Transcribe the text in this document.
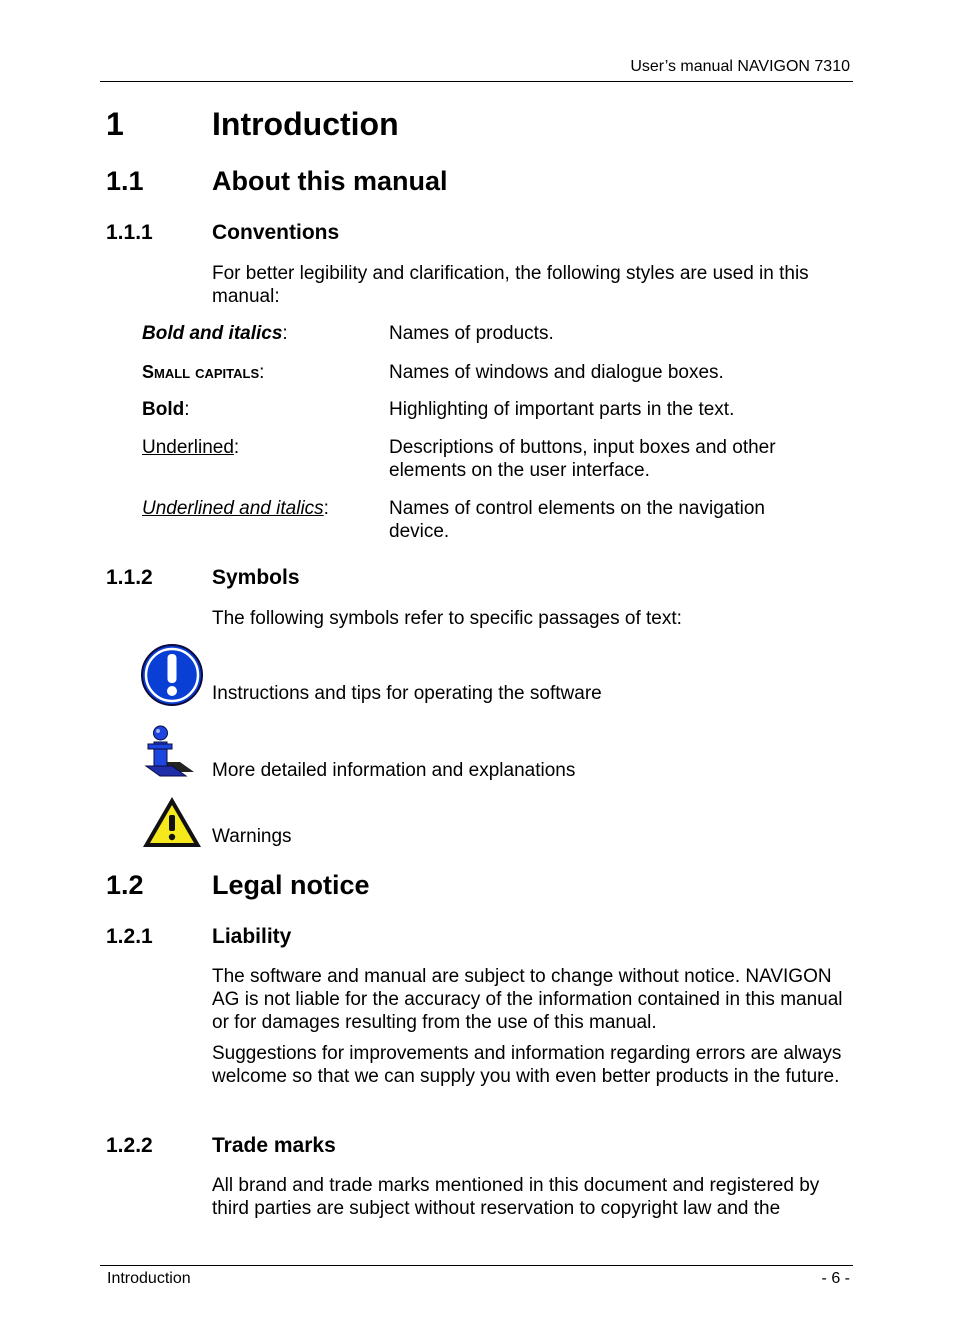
User’s manual NAVIGON 7310
1	Introduction
1.1	About this manual
1.1.1	Conventions
For better legibility and clarification, the following styles are used in this manual:
Bold and italics:	Names of products.
Small capitals:	Names of windows and dialogue boxes.
Bold:	Highlighting of important parts in the text.
Underlined:	Descriptions of buttons, input boxes and other elements on the user interface.
Underlined and italics:	Names of control elements on the navigation device.
1.1.2	Symbols
The following symbols refer to specific passages of text:
Instructions and tips for operating the software
More detailed information and explanations
Warnings
1.2	Legal notice
1.2.1	Liability
The software and manual are subject to change without notice. NAVIGON AG is not liable for the accuracy of the information contained in this manual or for damages resulting from the use of this manual.
Suggestions for improvements and information regarding errors are always welcome so that we can supply you with even better products in the future.
1.2.2	Trade marks
All brand and trade marks mentioned in this document and registered by third parties are subject without reservation to copyright law and the
Introduction	- 6 -
